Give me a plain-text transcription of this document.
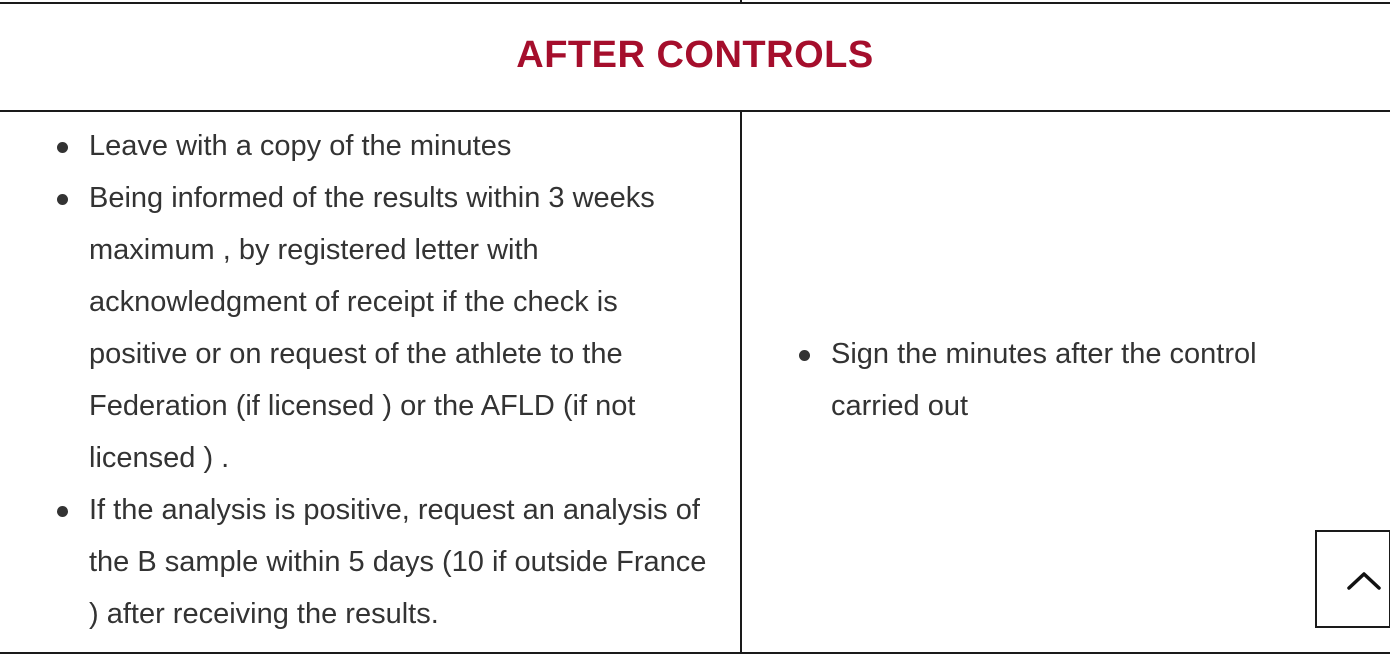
AFTER CONTROLS
Leave with a copy of the minutes
Being informed of the results within 3 weeks maximum , by registered letter with acknowledgment of receipt if the check is positive or on request of the athlete to the Federation (if licensed ) or the AFLD (if not licensed ) .
If the analysis is positive, request an analysis of the B sample within 5 days (10 if outside France ) after receiving the results.
Sign the minutes after the control carried out
